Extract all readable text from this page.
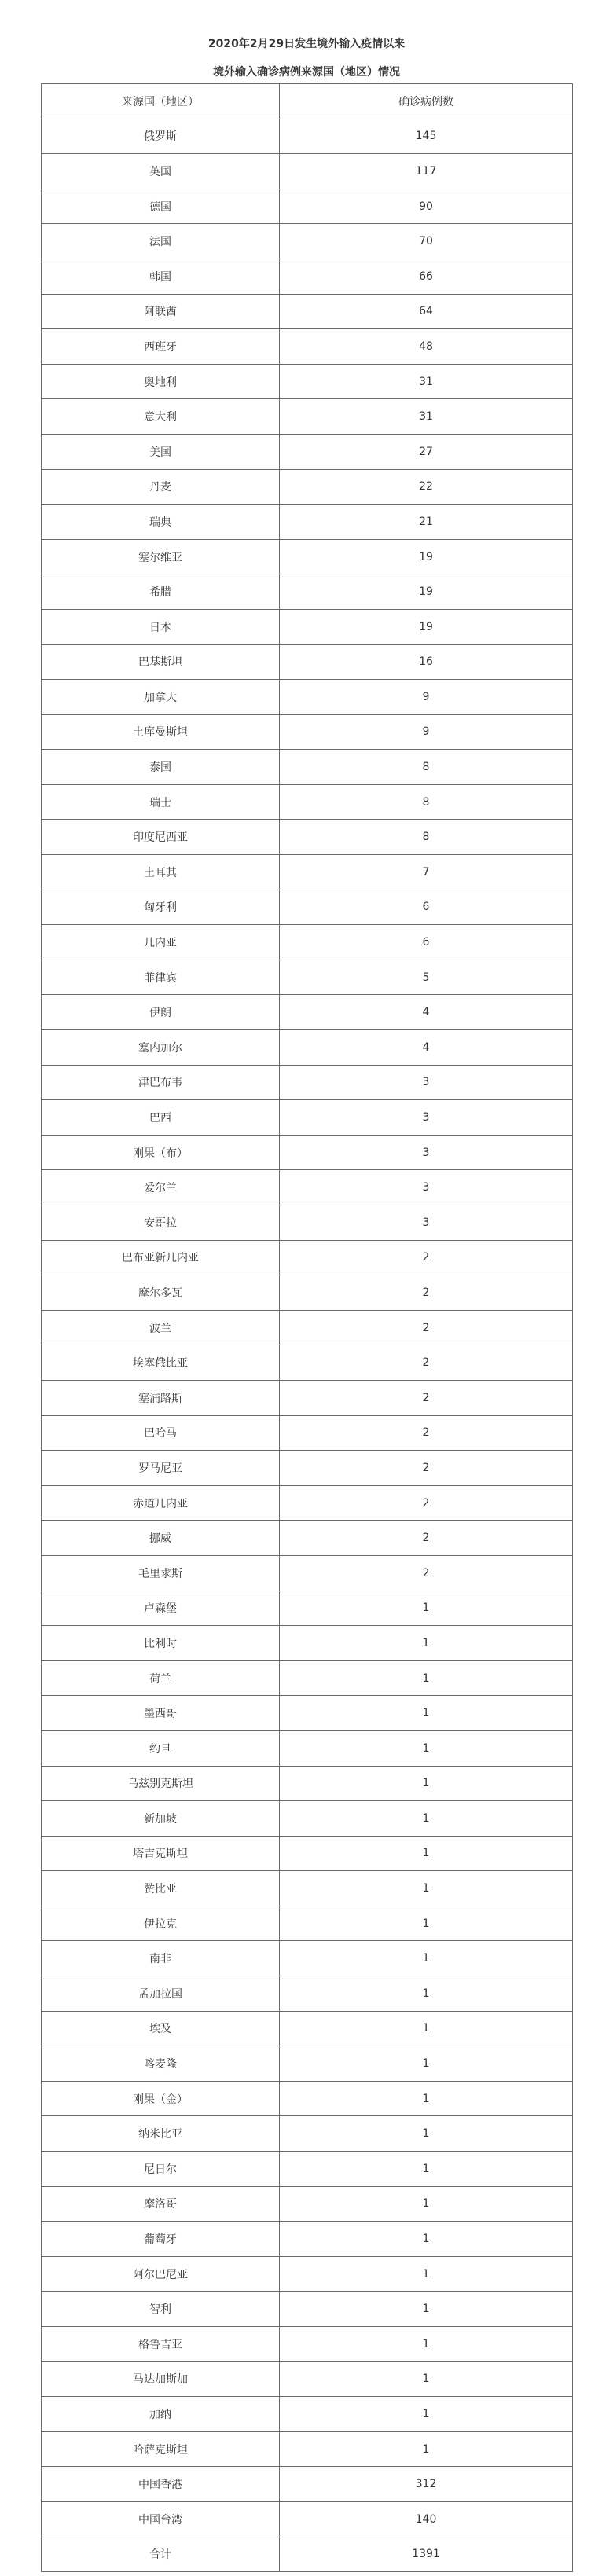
2020年2月29日发生境外输入疫情以来

境外输入确诊病例来源国（地区）情况

来源国（地区）	确诊病例数
俄罗斯	145
英国	117
德国	90
法国	70
韩国	66
阿联酋	64
西班牙	48
奥地利	31
意大利	31
美国	27
丹麦	22
瑞典	21
塞尔维亚	19
希腊	19
日本	19
巴基斯坦	16
加拿大	9
土库曼斯坦	9
泰国	8
瑞士	8
印度尼西亚	8
土耳其	7
匈牙利	6
几内亚	6
菲律宾	5
伊朗	4
塞内加尔	4
津巴布韦	3
巴西	3
刚果（布）	3
爱尔兰	3
安哥拉	3
巴布亚新几内亚	2
摩尔多瓦	2
波兰	2
埃塞俄比亚	2
塞浦路斯	2
巴哈马	2
罗马尼亚	2
赤道几内亚	2
挪威	2
毛里求斯	2
卢森堡	1
比利时	1
荷兰	1
墨西哥	1
约旦	1
乌兹别克斯坦	1
新加坡	1
塔吉克斯坦	1
赞比亚	1
伊拉克	1
南非	1
孟加拉国	1
埃及	1
喀麦隆	1
刚果（金）	1
纳米比亚	1
尼日尔	1
摩洛哥	1
葡萄牙	1
阿尔巴尼亚	1
智利	1
格鲁吉亚	1
马达加斯加	1
加纳	1
哈萨克斯坦	1
中国香港	312
中国台湾	140
合计	1391
